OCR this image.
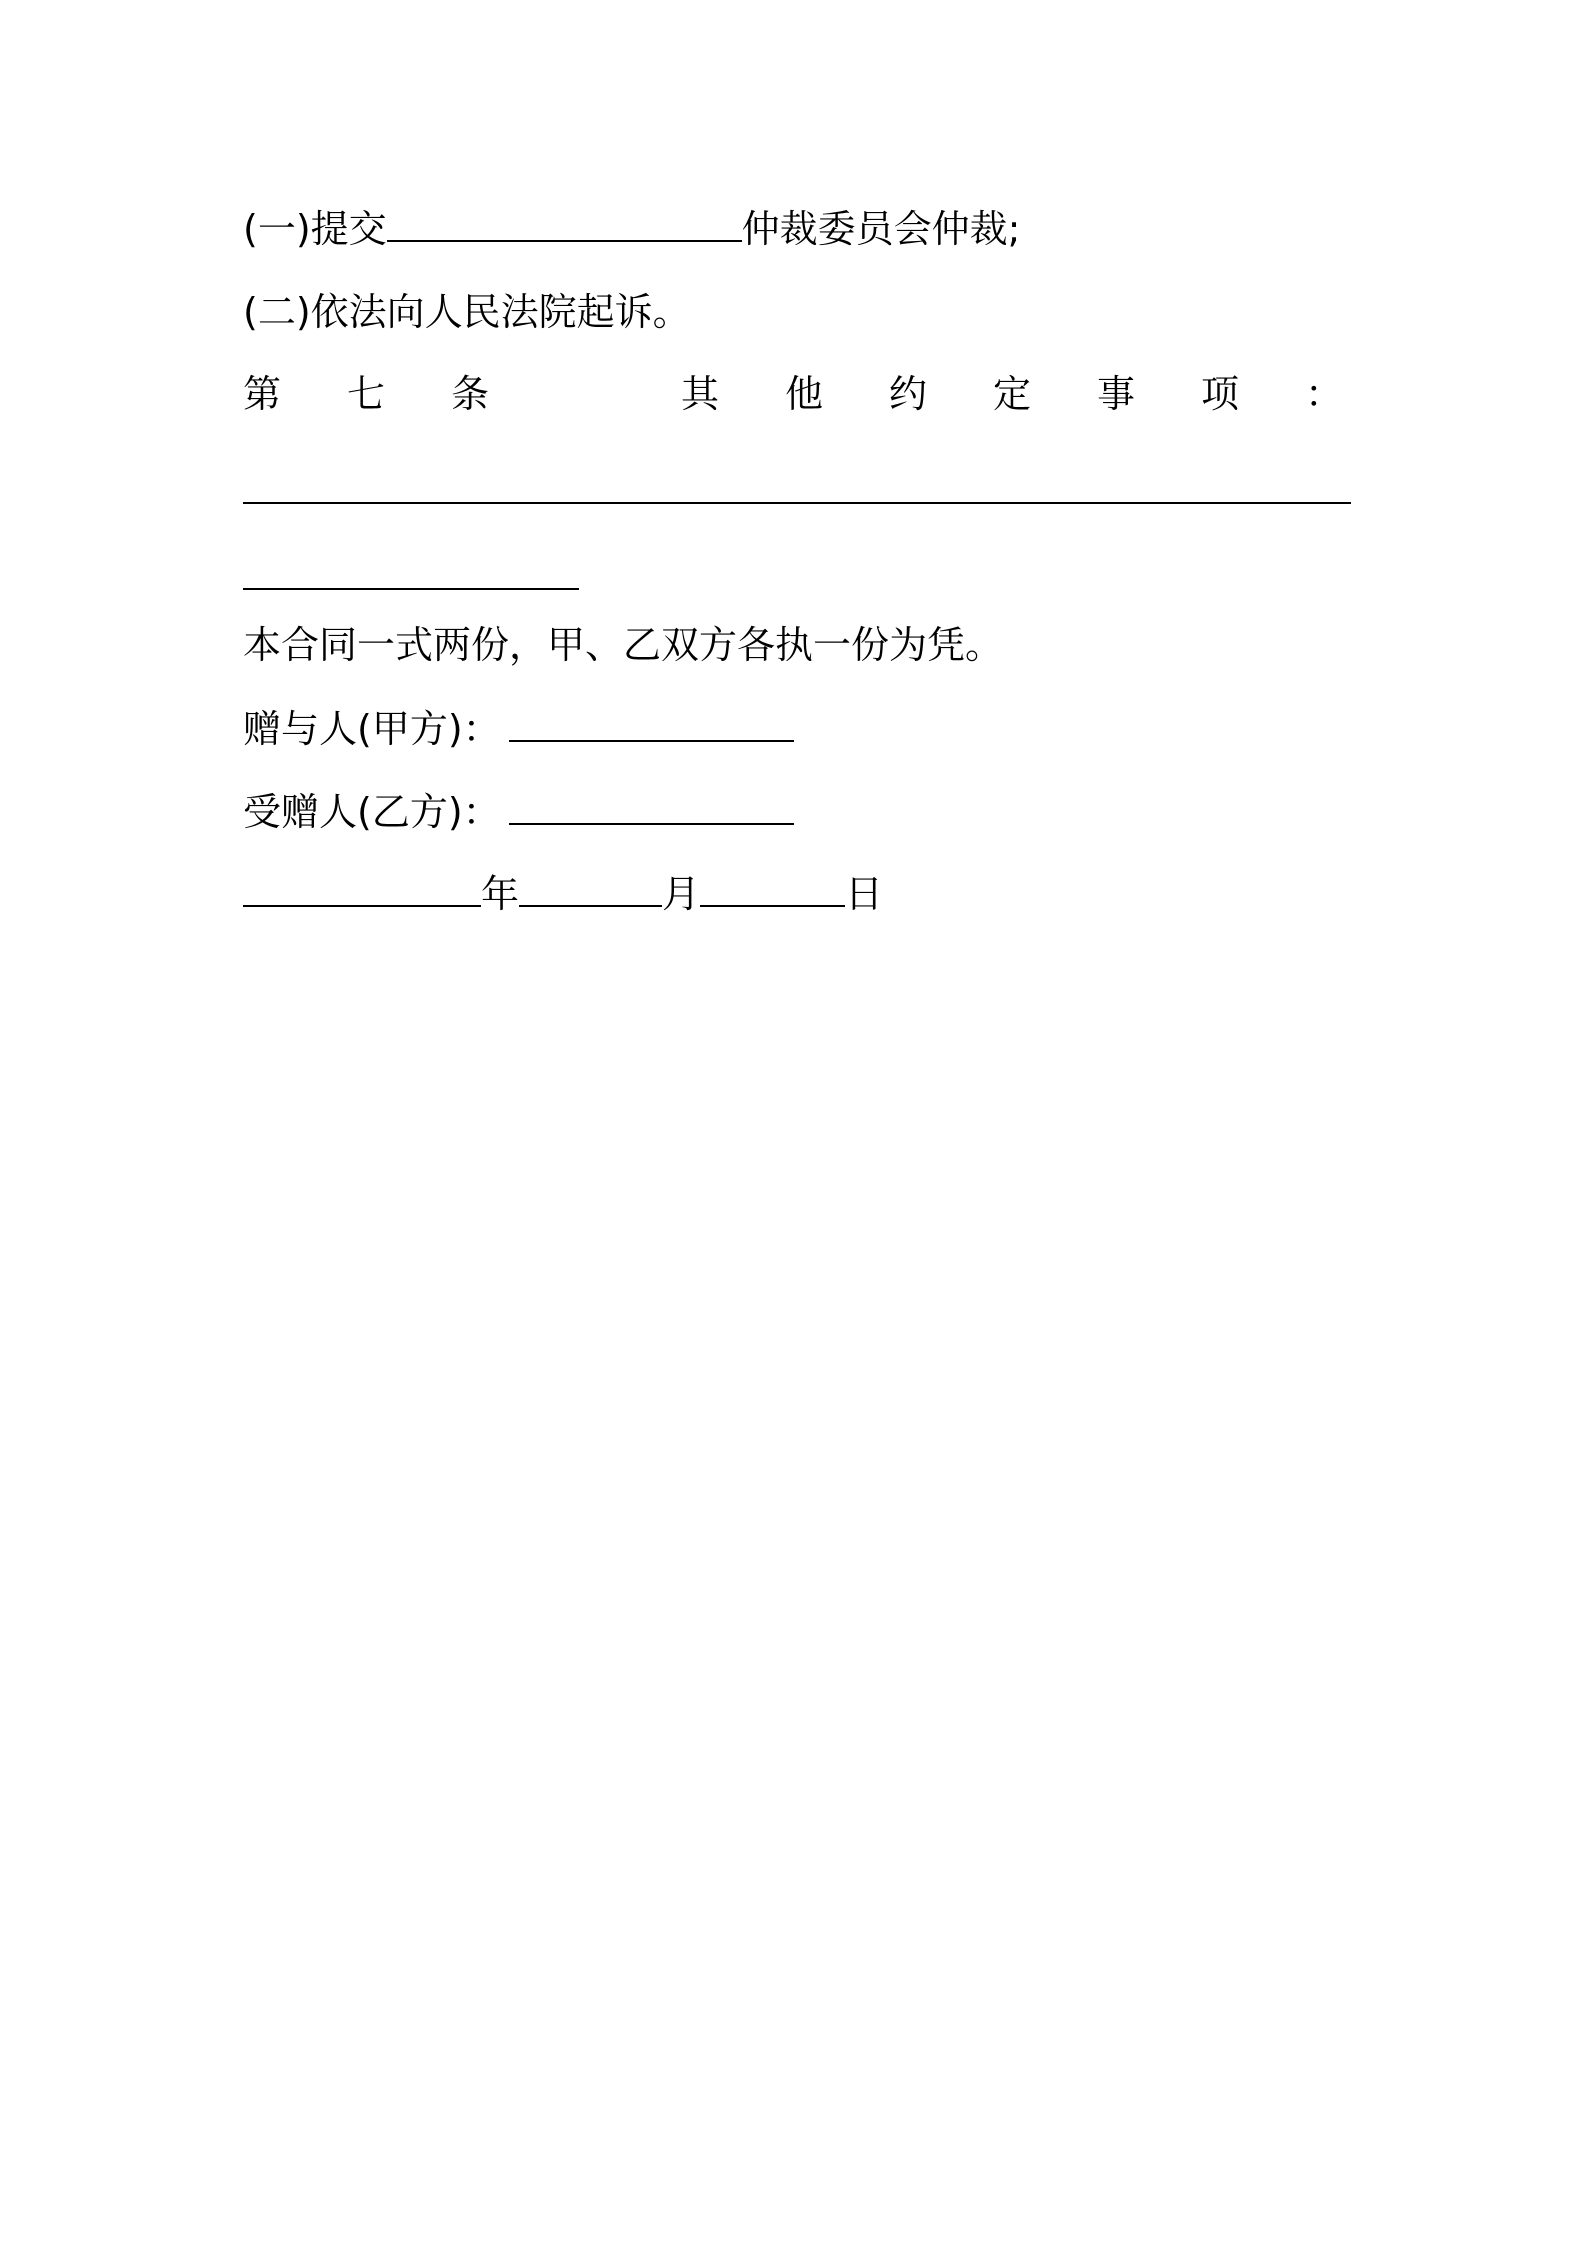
(一)提交	仲裁委员会仲裁;
(二)依法向人民法院起诉。
第 七 条	其 他 约 定 事 项 ：
本合同一式两份，甲、乙双方各执一份为凭。
赠与人(甲方)：
受赠人(乙方)：
年	月	日
